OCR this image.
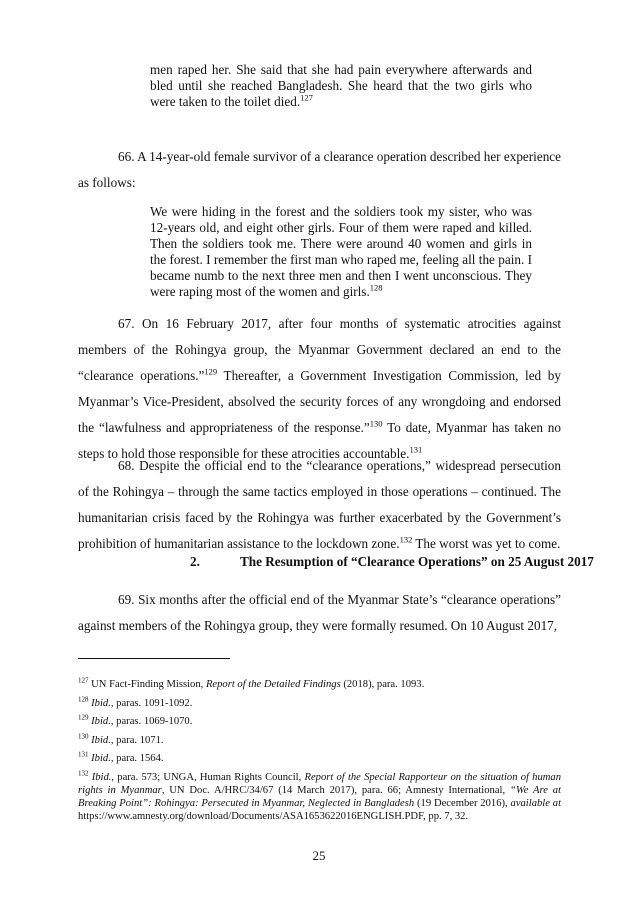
men raped her. She said that she had pain everywhere afterwards and bled until she reached Bangladesh. She heard that the two girls who were taken to the toilet died.$^{127}$
66. A 14-year-old female survivor of a clearance operation described her experience as follows:
We were hiding in the forest and the soldiers took my sister, who was 12-years old, and eight other girls. Four of them were raped and killed. Then the soldiers took me. There were around 40 women and girls in the forest. I remember the first man who raped me, feeling all the pain. I became numb to the next three men and then I went unconscious. They were raping most of the women and girls.$^{128}$
67. On 16 February 2017, after four months of systematic atrocities against members of the Rohingya group, the Myanmar Government declared an end to the “clearance operations.”$^{129}$ Thereafter, a Government Investigation Commission, led by Myanmar’s Vice-President, absolved the security forces of any wrongdoing and endorsed the “lawfulness and appropriateness of the response.”$^{130}$ To date, Myanmar has taken no steps to hold those responsible for these atrocities accountable.$^{131}$
68. Despite the official end to the “clearance operations,” widespread persecution of the Rohingya – through the same tactics employed in those operations – continued. The humanitarian crisis faced by the Rohingya was further exacerbated by the Government’s prohibition of humanitarian assistance to the lockdown zone.$^{132}$ The worst was yet to come.
2.	The Resumption of “Clearance Operations” on 25 August 2017
69. Six months after the official end of the Myanmar State’s “clearance operations” against members of the Rohingya group, they were formally resumed. On 10 August 2017,

$^{127}$ UN Fact-Finding Mission, Report of the Detailed Findings (2018), para. 1093.

$^{128}$ Ibid., paras. 1091-1092.

$^{129}$ Ibid., paras. 1069-1070.

$^{130}$ Ibid., para. 1071.

$^{131}$ Ibid., para. 1564.

$^{132}$ Ibid., para. 573; UNGA, Human Rights Council, Report of the Special Rapporteur on the situation of human rights in Myanmar, UN Doc. A/HRC/34/67 (14 March 2017), para. 66; Amnesty International, “We Are at Breaking Point”: Rohingya: Persecuted in Myanmar, Neglected in Bangladesh (19 December 2016), available at https://www.amnesty.org/download/Documents/ASA1653622016ENGLISH.PDF, pp. 7, 32.

25
